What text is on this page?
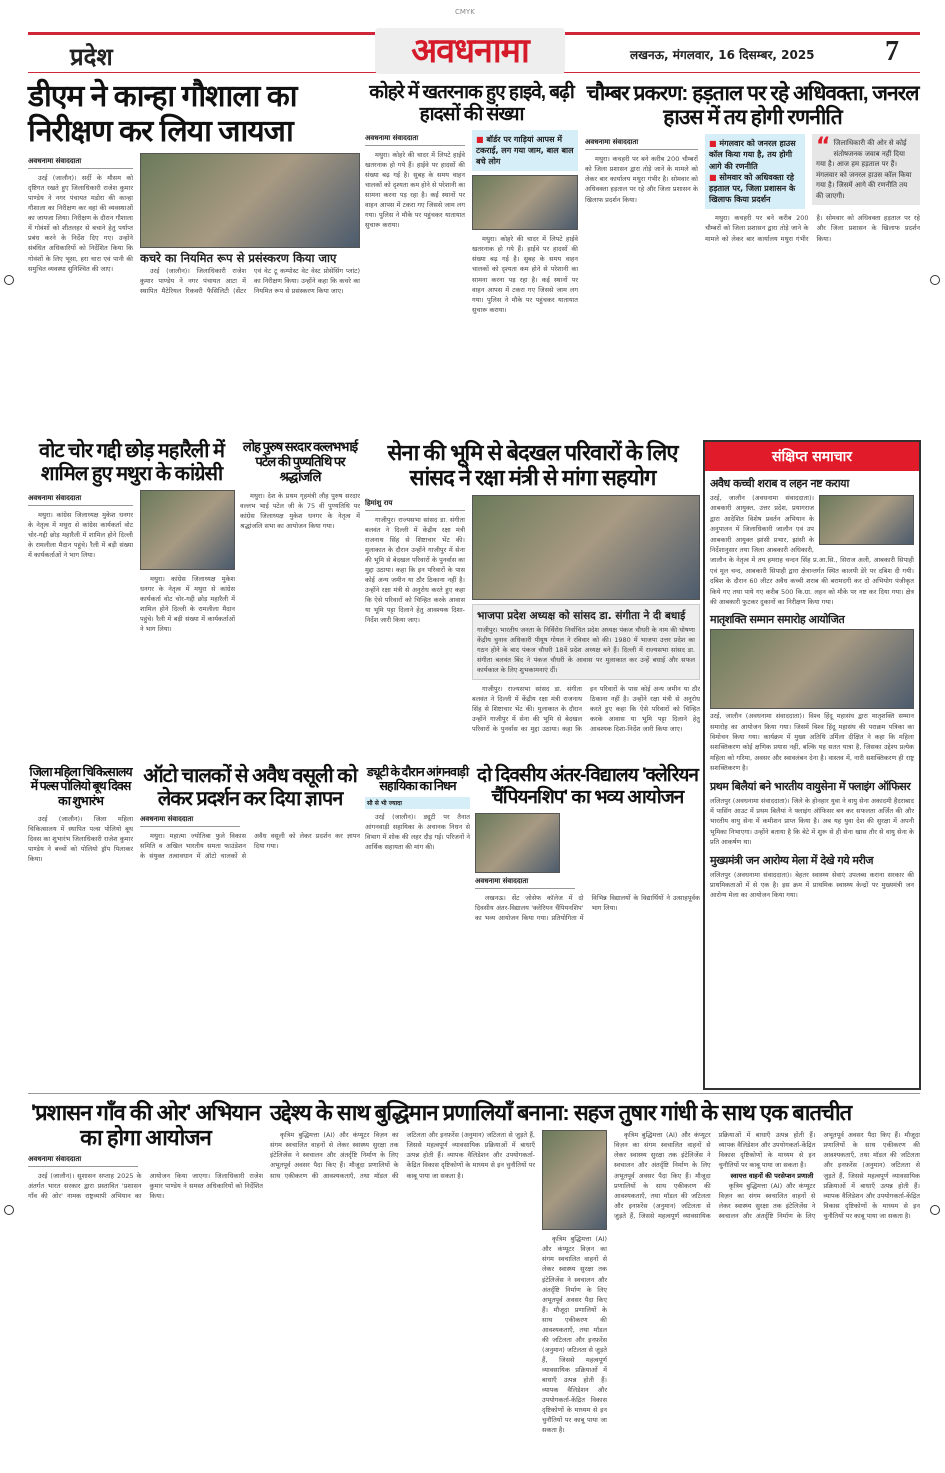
CMYK
प्रदेश	अवधनामा	लखनऊ, मंगलवार, 16 दिसम्बर, 2025	7
डीएम ने कान्हा गौशाला का निरीक्षण कर लिया जायजा
अवधनामा संवाददाता

उरई (जालौन)। सर्दी के मौसम को दृष्टिगत रखते हुए जिलाधिकारी राजेश कुमार पाण्डेय ने नगर पंचायत मडोरा की कान्हा गौशाला का निरीक्षण कर वहां की व्यवस्थाओं का जायजा लिया। निरीक्षण के दौरान गौशाला में गोवंशों को शीतलहर से बचाने हेतु पर्याप्त प्रबंध करने के निर्देश दिए गए। उन्होंने संबंधित अधिकारियों को निर्देशित किया कि गोवंशों के लिए भूसा, हरा चारा एवं पानी की समुचित व्यवस्था सुनिश्चित की जाए।

कचरे का नियमित रूप से प्रसंस्करण किया जाए

उरई (जालौन)। जिलाधिकारी राजेश कुमार पाण्डेय ने नगर पंचायत आटा में स्थापित मैटेरियल रिकवरी फैसिलिटी (सेंटर एवं वेट टू कम्पोस्ट वेट वेस्ट प्रोसेसिंग प्लांट) का निरीक्षण किया। उन्होंने कहा कि कचरे का नियमित रूप से प्रसंस्करण किया जाए।

कोहरे में खतरनाक हुए हाइवे, बढ़ी हादसों की संख्या
अवधनामा संवाददाता

मथुरा। कोहरे की चादर में लिपटे हाईवे खतरनाक हो गये हैं। हाईवे पर हादसों की संख्या बढ़ गई है। सुबह के समय वाहन चालकों को दृश्यता कम होने से परेशानी का सामना करना पड़ रहा है। कई स्थानों पर वाहन आपस में टकरा गए जिससे जाम लग गया। पुलिस ने मौके पर पहुंचकर यातायात सुचारू कराया।

■ बॉर्डर पर गाड़ियां आपस में टकराई, लग गया जाम, बाल बाल बचे लोग

मथुरा। कोहरे की चादर में लिपटे हाईवे खतरनाक हो गये हैं। हाईवे पर हादसों की संख्या बढ़ गई है। सुबह के समय वाहन चालकों को दृश्यता कम होने से परेशानी का सामना करना पड़ रहा है। कई स्थानों पर वाहन आपस में टकरा गए जिससे जाम लग गया। पुलिस ने मौके पर पहुंचकर यातायात सुचारू कराया।

चौम्बर प्रकरण: हड़ताल पर रहे अधिवक्ता, जनरल हाउस में तय होगी रणनीति
अवधनामा संवाददाता

मथुरा। कचहरी पर बने करीब 200 चौम्बरों को जिला प्रशासन द्वारा तोड़े जाने के मामले को लेकर बार कार्यालय मथुरा गंभीर है। सोमवार को अधिवक्ता हड़ताल पर रहे और जिला प्रशासन के खिलाफ प्रदर्शन किया।

■ मंगलवार को जनरल हाउस कॉल किया गया है, तय होगी आगे की रणनीति
■ सोमवार को अधिवक्ता रहे हड़ताल पर, जिला प्रशासन के खिलाफ किया प्रदर्शन
“ जिलाधिकारी की ओर से कोई संतोषजनक जवाब नहीं दिया गया है। आज हम हड़ताल पर हैं। मंगलवार को जनरल हाउस कॉल किया गया है। जिसमें आगे की रणनीति तय की जाएगी।

मथुरा। कचहरी पर बने करीब 200 चौम्बरों को जिला प्रशासन द्वारा तोड़े जाने के मामले को लेकर बार कार्यालय मथुरा गंभीर है। सोमवार को अधिवक्ता हड़ताल पर रहे और जिला प्रशासन के खिलाफ प्रदर्शन किया।

वोट चोर गद्दी छोड़ महारैली में शामिल हुए मथुरा के कांग्रेसी
अवधनामा संवाददाता

मथुरा। कांग्रेस जिलाध्यक्ष मुकेश धनगर के नेतृत्व में मथुरा से कांग्रेस कार्यकर्ता वोट चोर-गद्दी छोड़ महारैली में शामिल होने दिल्ली के रामलीला मैदान पहुंचे। रैली में बड़ी संख्या में कार्यकर्ताओं ने भाग लिया।

मथुरा। कांग्रेस जिलाध्यक्ष मुकेश धनगर के नेतृत्व में मथुरा से कांग्रेस कार्यकर्ता वोट चोर-गद्दी छोड़ महारैली में शामिल होने दिल्ली के रामलीला मैदान पहुंचे। रैली में बड़ी संख्या में कार्यकर्ताओं ने भाग लिया।

लोह पुरुष सरदार वल्लभभाई पटेल की पुण्यतिथि पर श्रद्धांजलि

मथुरा। देश के प्रथम गृहमंत्री लौह पुरुष सरदार वल्लभ भाई पटेल जी के 75 वीं पुण्यतिथि पर कांग्रेस जिलाध्यक्ष मुकेश धनगर के नेतृत्व में श्रद्धांजलि सभा का आयोजन किया गया।

सेना की भूमि से बेदखल परिवारों के लिए सांसद ने रक्षा मंत्री से मांगा सहयोग
हिमांशु राय

गाजीपुर। राज्यसभा सांसद डा. संगीता बलवंत ने दिल्ली में केंद्रीय रक्षा मंत्री राजनाथ सिंह से शिष्टाचार भेंट की। मुलाकात के दौरान उन्होंने गाजीपुर में सेना की भूमि से बेदखल परिवारों के पुनर्वास का मुद्दा उठाया। कहा कि इन परिवारों के पास कोई अन्य जमीन या ठौर ठिकाना नहीं है। उन्होंने रक्षा मंत्री से अनुरोध करते हुए कहा कि ऐसे परिवारों को चिन्हित करके आवास या भूमि पट्टा दिलाने हेतु आवश्यक दिशा-निर्देश जारी किया जाए।	भाजपा प्रदेश अध्यक्ष को सांसद डा. संगीता ने दी बधाई
गाजीपुर। भारतीय जनता के निर्विरोध निर्वाचित प्रदेश अध्यक्ष पंकज चौधरी के नाम की घोषणा केंद्रीय चुनाव अधिकारी पीयूष गोयल ने रविवार को की। 1980 में भाजपा उत्तर प्रदेश का गठन होने के बाद पंकज चौधरी 18वें प्रदेश अध्यक्ष बने हैं। दिल्ली में राज्यसभा सांसद डा. संगीता बलवंत बिंद ने पंकज चौधरी के आवास पर मुलाकात कर उन्हें बधाई और सफल कार्यकाल के लिए शुभकामनाएं दीं।

गाजीपुर। राज्यसभा सांसद डा. संगीता बलवंत ने दिल्ली में केंद्रीय रक्षा मंत्री राजनाथ सिंह से शिष्टाचार भेंट की। मुलाकात के दौरान उन्होंने गाजीपुर में सेना की भूमि से बेदखल परिवारों के पुनर्वास का मुद्दा उठाया। कहा कि इन परिवारों के पास कोई अन्य जमीन या ठौर ठिकाना नहीं है। उन्होंने रक्षा मंत्री से अनुरोध करते हुए कहा कि ऐसे परिवारों को चिन्हित करके आवास या भूमि पट्टा दिलाने हेतु आवश्यक दिशा-निर्देश जारी किया जाए।

संक्षिप्त समाचार
अवैध कच्ची शराब व लहन नष्ट कराया
उरई, जालौन (अवधनामा संवाददाता)। आबकारी आयुक्त, उत्तर प्रदेश, प्रयागराज द्वारा आदेशित विशेष प्रवर्तन अभियान के अनुपालन में जिलाधिकारी जालौन एवं उप आबकारी आयुक्त झांसी प्रभार, झांसी के निर्देशानुसार तथा जिला आबकारी अधिकारी, जालौन के नेतृत्व में तय हमराह चन्दन सिंह प्र.आ.सि., सिराज अली, आबकारी सिपाही एवं मूल चन्द, आबकारी सिपाही द्वारा क्षेत्रान्तर्गत स्थित कालपी डेरे पर दबिश दी गयी। दबिश के दौरान 60 लीटर अवैध कच्ची शराब की बरामदगी कर दो अभियोग पंजीकृत किये गए तथा पाये गए करीब 500 कि.ग्रा. लहन को मौके पर नष्ट कर दिया गया। क्षेत्र की आबकारी फुटकर दुकानों का निरीक्षण किया गया।
मातृशक्ति सम्मान समारोह आयोजित
उरई, जालौन (अवधनामा संवाददाता)। विश्व हिंदू महासंघ द्वारा मातृशक्ति सम्मान समारोह का आयोजन किया गया। जिसमें विश्व हिंदू महासंघ की पराक्रम पत्रिका का विमोचन किया गया। कार्यक्रम में मुख्य अतिथि उर्मिला दीक्षित ने कहा कि महिला सशक्तिकरण कोई क्षणिक प्रयास नहीं, बल्कि यह सतत यात्रा है, जिसका उद्देश्य प्रत्येक महिला को गरिमा, अवसर और स्वावलंबन देना है। वास्तव में, नारी सशक्तिकरण ही राष्ट्र सशक्तिकरण है।
प्रथम बिलैयां बने भारतीय वायुसेना में फ्लाइंग ऑफिसर
ललितपुर (अवधनामा संवाददाता)। जिले के होनहार युवा ने वायु सेना अकादमी हैदराबाद में पासिंग आउट में प्रथम बिलैयां ने फ्लाइंग ऑफिसर बन कर सफलता अर्जित की और भारतीय वायु सेना में कमीशन प्राप्त किया है। अब यह युवा देश की सुरक्षा में अपनी भूमिका निभाएगा। उन्होंने बताया है कि बेटे में शुरू से ही सेना खास तौर से वायु सेना के प्रति आकर्षण था।
मुख्यमंत्री जन आरोग्य मेला में देखे गये मरीज
ललितपुर (अवधनामा संवाददाता)। बेहतर स्वास्थ्य सेवाएं उपलब्ध कराना सरकार की प्राथमिकताओं में से एक है। इस क्रम में प्राथमिक स्वास्थ्य केन्द्रों पर मुख्यमंत्री जन आरोग्य मेला का आयोजन किया गया।
जिला महिला चिकित्सालय में पल्स पोलियो बूथ दिवस का शुभारंभ

उरई (जालौन)। जिला महिला चिकित्सालय में स्थापित पल्स पोलियो बूथ दिवस का शुभारंभ जिलाधिकारी राजेश कुमार पाण्डेय ने बच्चों को पोलियो ड्रॉप पिलाकर किया।

ऑटो चालकों से अवैध वसूली को लेकर प्रदर्शन कर दिया ज्ञापन
अवधनामा संवाददाता

मथुरा। महात्मा ज्योतिबा फुले विकास समिति व अखिल भारतीय समता फाउंडेशन के संयुक्त तत्वावधान में ऑटो चालकों से अवैध वसूली को लेकर प्रदर्शन कर ज्ञापन दिया गया।

ड्यूटी के दौरान आंगनवाड़ी सहायिका का निधन
सौ से भी ज्यादा

उरई (जालौन)। ड्यूटी पर तैनात आंगनवाड़ी सहायिका के अचानक निधन से विभाग में शोक की लहर दौड़ गई। परिजनों ने आर्थिक सहायता की मांग की।

दो दिवसीय अंतर-विद्यालय 'क्लेरियन चैंपियनशिप' का भव्य आयोजन
अवधनामा संवाददाता

लखनऊ। सेंट जोसेफ कॉलेज में दो दिवसीय अंतर-विद्यालय 'क्लेरियन चैंपियनशिप' का भव्य आयोजन किया गया। प्रतियोगिता में विभिन्न विद्यालयों के विद्यार्थियों ने उत्साहपूर्वक भाग लिया।

'प्रशासन गाँव की ओर' अभियान का होगा आयोजन
अवधनामा संवाददाता

उरई (जालौन)। सुशासन सप्ताह 2025 के अंतर्गत भारत सरकार द्वारा प्रस्तावित 'प्रशासन गाँव की ओर' नामक राष्ट्रव्यापी अभियान का आयोजन किया जाएगा। जिलाधिकारी राजेश कुमार पाण्डेय ने समस्त अधिकारियों को निर्देशित किया।

उद्देश्य के साथ बुद्धिमान प्रणालियाँ बनाना: सहज तुषार गांधी के साथ एक बातचीत

कृत्रिम बुद्धिमत्ता (AI) और कंप्यूटर विज़न का संगम स्वचालित वाहनों से लेकर स्वास्थ्य सुरक्षा तक इंटेलिजेंस ने स्वचालन और अंतर्दृष्टि निर्माण के लिए अभूतपूर्व अवसर पैदा किए हैं। मौजूदा प्रणालियों के साथ एकीकरण की आवश्यकताएँ, तथा मॉडल की जटिलता और इनफ़रेंस (अनुमान) जटिलता से जुड़ते हैं, जिससे महत्वपूर्ण व्यावसायिक प्रक्रियाओं में बाधाएँ उत्पन्न होती हैं। व्यापक वैलिडेशन और उपयोगकर्ता-केंद्रित विकास दृष्टिकोणों के माध्यम से इन चुनौतियों पर काबू पाया जा सकता है।

कृत्रिम बुद्धिमत्ता (AI) और कंप्यूटर विज़न का संगम स्वचालित वाहनों से लेकर स्वास्थ्य सुरक्षा तक इंटेलिजेंस ने स्वचालन और अंतर्दृष्टि निर्माण के लिए अभूतपूर्व अवसर पैदा किए हैं। मौजूदा प्रणालियों के साथ एकीकरण की आवश्यकताएँ, तथा मॉडल की जटिलता और इनफ़रेंस (अनुमान) जटिलता से जुड़ते हैं, जिससे महत्वपूर्ण व्यावसायिक प्रक्रियाओं में बाधाएँ उत्पन्न होती हैं। व्यापक वैलिडेशन और उपयोगकर्ता-केंद्रित विकास दृष्टिकोणों के माध्यम से इन चुनौतियों पर काबू पाया जा सकता है।

कृत्रिम बुद्धिमत्ता (AI) और कंप्यूटर विज़न का संगम स्वचालित वाहनों से लेकर स्वास्थ्य सुरक्षा तक इंटेलिजेंस ने स्वचालन और अंतर्दृष्टि निर्माण के लिए अभूतपूर्व अवसर पैदा किए हैं। मौजूदा प्रणालियों के साथ एकीकरण की आवश्यकताएँ, तथा मॉडल की जटिलता और इनफ़रेंस (अनुमान) जटिलता से जुड़ते हैं, जिससे महत्वपूर्ण व्यावसायिक प्रक्रियाओं में बाधाएँ उत्पन्न होती हैं। व्यापक वैलिडेशन और उपयोगकर्ता-केंद्रित विकास दृष्टिकोणों के माध्यम से इन चुनौतियों पर काबू पाया जा सकता है।

स्वायत्त वाहनों की परसेप्शन प्रणाली

कृत्रिम बुद्धिमत्ता (AI) और कंप्यूटर विज़न का संगम स्वचालित वाहनों से लेकर स्वास्थ्य सुरक्षा तक इंटेलिजेंस ने स्वचालन और अंतर्दृष्टि निर्माण के लिए अभूतपूर्व अवसर पैदा किए हैं। मौजूदा प्रणालियों के साथ एकीकरण की आवश्यकताएँ, तथा मॉडल की जटिलता और इनफ़रेंस (अनुमान) जटिलता से जुड़ते हैं, जिससे महत्वपूर्ण व्यावसायिक प्रक्रियाओं में बाधाएँ उत्पन्न होती हैं। व्यापक वैलिडेशन और उपयोगकर्ता-केंद्रित विकास दृष्टिकोणों के माध्यम से इन चुनौतियों पर काबू पाया जा सकता है।
